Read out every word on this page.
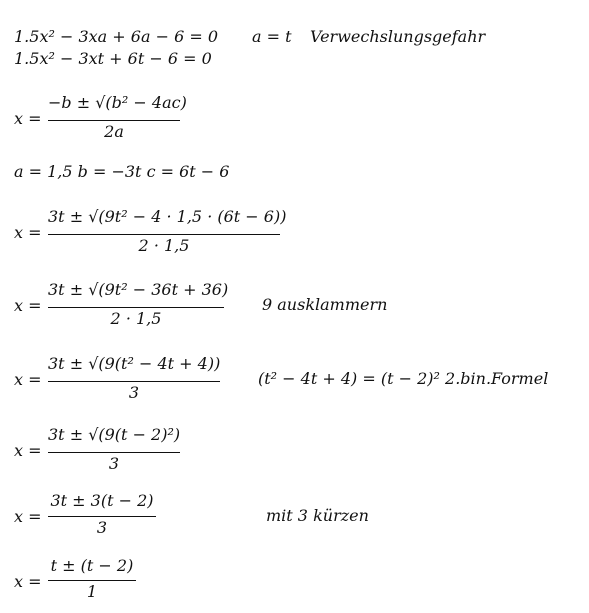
1.5x² − 3xa + 6a − 6 = 0 a = t Verwechslungsgefahr
1.5x² − 3xt + 6t − 6 = 0
x =
−b ± √(b² − 4ac)
2a
a = 1,5 b = −3t c = 6t − 6
x =
3t ± √(9t² − 4 · 1,5 · (6t − 6))
2 · 1,5
x =
3t ± √(9t² − 36t + 36)
2 · 1,5
9 ausklammern
x =
3t ± √(9(t² − 4t + 4))
3
(t² − 4t + 4) = (t − 2)² 2.bin.Formel
x =
3t ± √(9(t − 2)²)
3
x =
3t ± 3(t − 2)
3
mit 3 kürzen
x =
t ± (t − 2)
1
